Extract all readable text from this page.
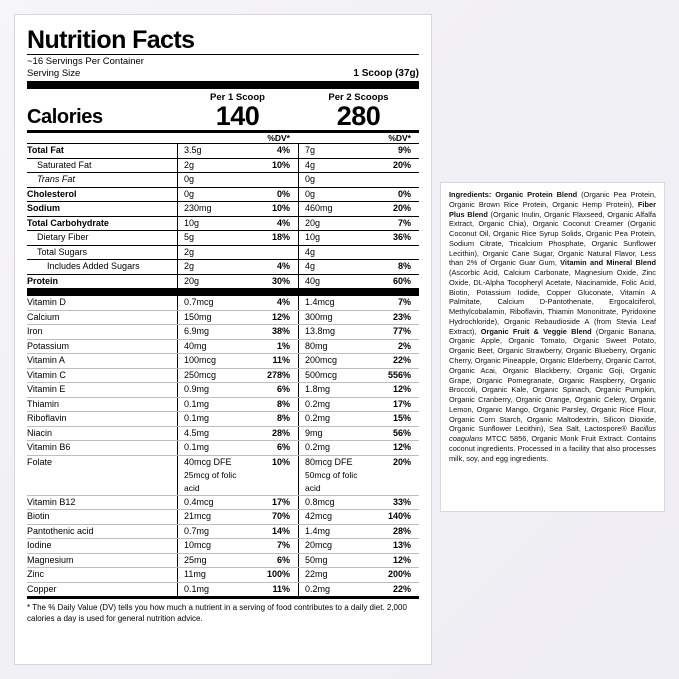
Nutrition Facts
~16 Servings Per Container
Serving Size	1 Scoop (37g)
Per 1 Scoop	Per 2 Scoops
Calories	140	280
%DV*	%DV*
Total Fat	3.5g	4%	7g	9%
Saturated Fat	2g	10%	4g	20%
Trans Fat	0g	0g
Cholesterol	0g	0%	0g	0%
Sodium	230mg	10%	460mg	20%
Total Carbohydrate	10g	4%	20g	7%
Dietary Fiber	5g	18%	10g	36%
Total Sugars	2g	4g
Includes Added Sugars	2g	4%	4g	8%
Protein	20g	30%	40g	60%
Vitamin D	0.7mcg	4%	1.4mcg	7%
Calcium	150mg	12%	300mg	23%
Iron	6.9mg	38%	13.8mg	77%
Potassium	40mg	1%	80mg	2%
Vitamin A	100mcg	11%	200mcg	22%
Vitamin C	250mcg	278%	500mcg	556%
Vitamin E	0.9mg	6%	1.8mg	12%
Thiamin	0.1mg	8%	0.2mg	17%
Riboflavin	0.1mg	8%	0.2mg	15%
Niacin	4.5mg	28%	9mg	56%
Vitamin B6	0.1mg	6%	0.2mg	12%
Folate	40mcg DFE	10%	80mcg DFE	20%
25mcg of folic acid
50mcg of folic acid
Vitamin B12	0.4mcg	17%	0.8mcg	33%
Biotin	21mcg	70%	42mcg	140%
Pantothenic acid	0.7mg	14%	1.4mg	28%
Iodine	10mcg	7%	20mcg	13%
Magnesium	25mg	6%	50mg	12%
Zinc	11mg	100%	22mg	200%
Copper	0.1mg	11%	0.2mg	22%
* The % Daily Value (DV) tells you how much a nutrient in a serving of food contributes to a daily diet. 2,000 calories a day is used for general nutrition advice.
Ingredients: Organic Protein Blend (Organic Pea Protein, Organic Brown Rice Protein, Organic Hemp Protein), Fiber Plus Blend (Organic Inulin, Organic Flaxseed, Organic Alfalfa Extract, Organic Chia), Organic Coconut Creamer (Organic Coconut Oil, Organic Rice Syrup Solids, Organic Pea Protein, Sodium Citrate, Tricalcium Phosphate, Organic Sunflower Lecithin), Organic Cane Sugar, Organic Natural Flavor, Less than 2% of Organic Guar Gum, Vitamin and Mineral Blend (Ascorbic Acid, Calcium Carbonate, Magnesium Oxide, Zinc Oxide, DL-Alpha Tocopheryl Acetate, Niacinamide, Folic Acid, Biotin, Potassium Iodide, Copper Gluconate, Vitamin A Palmitate, Calcium D-Pantothenate, Ergocalciferol, Methylcobalamin, Riboflavin, Thiamin Mononitrate, Pyridoxine Hydrochloride), Organic Rebaudioside A (from Stevia Leaf Extract), Organic Fruit & Veggie Blend (Organic Banana, Organic Apple, Organic Tomato, Organic Sweet Potato, Organic Beet, Organic Strawberry, Organic Blueberry, Organic Cherry, Organic Pineapple, Organic Elderberry, Organic Carrot, Organic Acai, Organic Blackberry, Organic Goji, Organic Grape, Organic Pomegranate, Organic Raspberry, Organic Broccoli, Organic Kale, Organic Spinach, Organic Pumpkin, Organic Cranberry, Organic Orange, Organic Celery, Organic Lemon, Organic Mango, Organic Parsley, Organic Rice Flour, Organic Corn Starch, Organic Maltodextrin, Silicon Dioxide, Organic Sunflower Lecithin), Sea Salt, Lactospore® Bacillus coagulans MTCC 5856, Organic Monk Fruit Extract. Contains coconut ingredients. Processed in a facility that also processes milk, soy, and egg ingredients.
